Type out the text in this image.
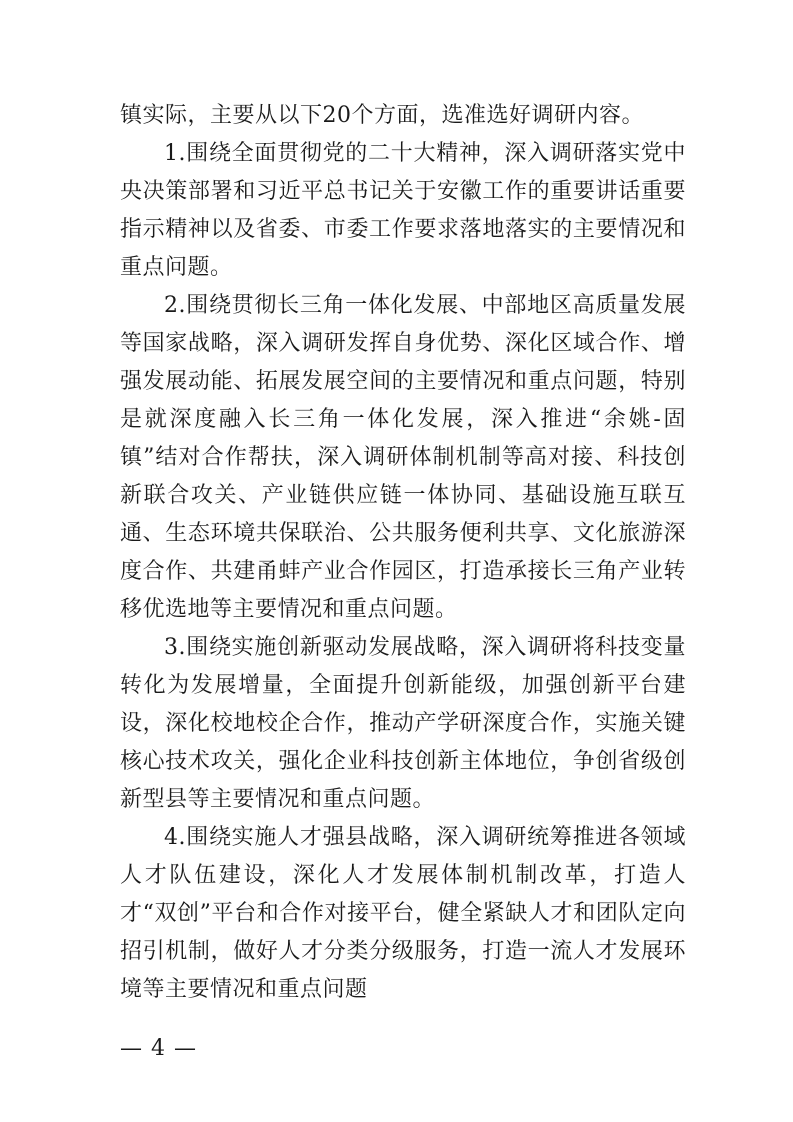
镇实际，主要从以下20个方面，选准选好调研内容。

1.围绕全面贯彻党的二十大精神，深入调研落实党中央决策部署和习近平总书记关于安徽工作的重要讲话重要指示精神以及省委、市委工作要求落地落实的主要情况和重点问题。

2.围绕贯彻长三角一体化发展、中部地区高质量发展等国家战略，深入调研发挥自身优势、深化区域合作、增强发展动能、拓展发展空间的主要情况和重点问题，特别是就深度融入长三角一体化发展，深入推进“余姚-固镇”结对合作帮扶，深入调研体制机制等高对接、科技创新联合攻关、产业链供应链一体协同、基础设施互联互通、生态环境共保联治、公共服务便利共享、文化旅游深度合作、共建甬蚌产业合作园区，打造承接长三角产业转移优选地等主要情况和重点问题。

3.围绕实施创新驱动发展战略，深入调研将科技变量转化为发展增量，全面提升创新能级，加强创新平台建设，深化校地校企合作，推动产学研深度合作，实施关键核心技术攻关，强化企业科技创新主体地位，争创省级创新型县等主要情况和重点问题。

4.围绕实施人才强县战略，深入调研统筹推进各领域人才队伍建设，深化人才发展体制机制改革，打造人才“双创”平台和合作对接平台，健全紧缺人才和团队定向招引机制，做好人才分类分级服务，打造一流人才发展环境等主要情况和重点问题

— 4 —
